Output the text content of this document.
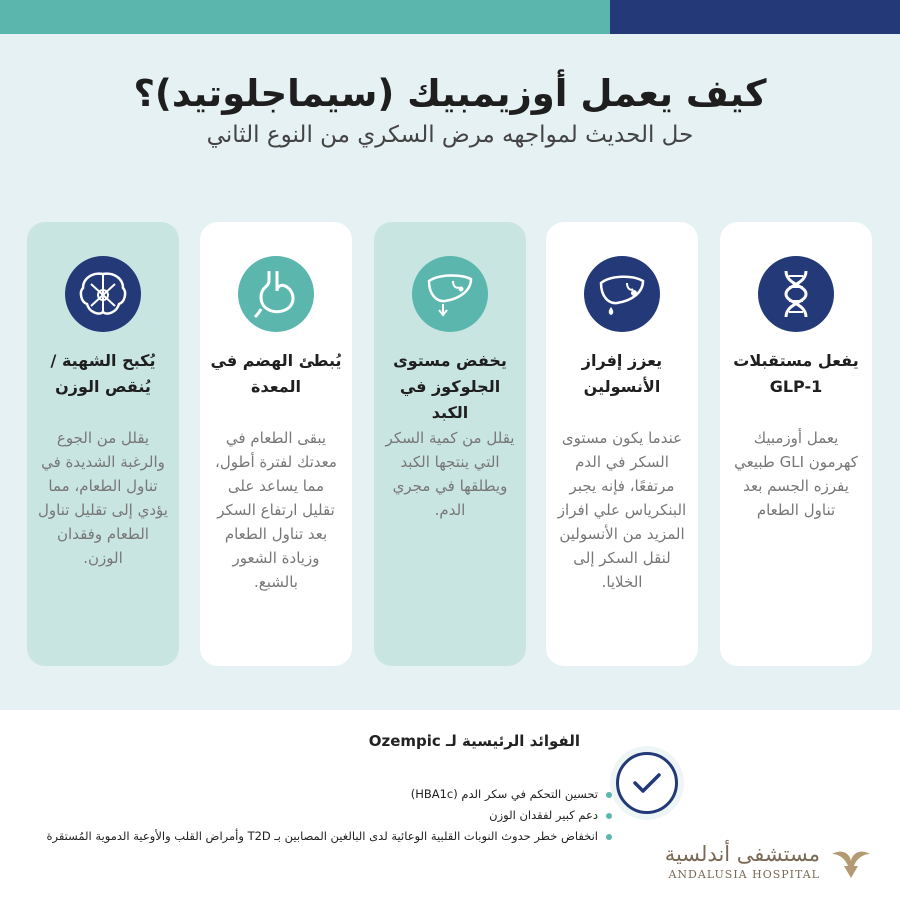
كيف يعمل أوزيمبيك (سيماجلوتيد)؟
حل الحديث لمواجهه مرض السكري من النوع الثاني
يفعل مستقبلات GLP-1
يعمل أوزمبيك كهرمون GLI طبيعي يفرزه الجسم بعد تناول الطعام
يعزز إفراز الأنسولين
عندما يكون مستوى السكر في الدم مرتفعًا، فإنه يجبر البنكرياس علي افراز المزيد من الأنسولين لنقل السكر إلى الخلايا.
يخفض مستوى الجلوكوز في الكبد
يقلل من كمية السكر التي ينتجها الكبد ويطلقها في مجري الدم.
يُبطئ الهضم في المعدة
يبقى الطعام في معدتك لفترة أطول، مما يساعد على تقليل ارتفاع السكر بعد تناول الطعام وزيادة الشعور بالشبع.
يُكبح الشهية / يُنقص الوزن
يقلل من الجوع والرغبة الشديدة في تناول الطعام، مما يؤدي إلى تقليل تناول الطعام وفقدان الوزن.
الفوائد الرئيسية لـ Ozempic
تحسين التحكم في سكر الدم (HBA1c)
دعم كبير لفقدان الوزن
انخفاض خطر حدوث النوبات القلبية الوعائية لدى البالغين المصابين بـ T2D وأمراض القلب والأوعية الدموية المُستقرة
مستشفى أندلسية
ANDALUSIA HOSPITAL
